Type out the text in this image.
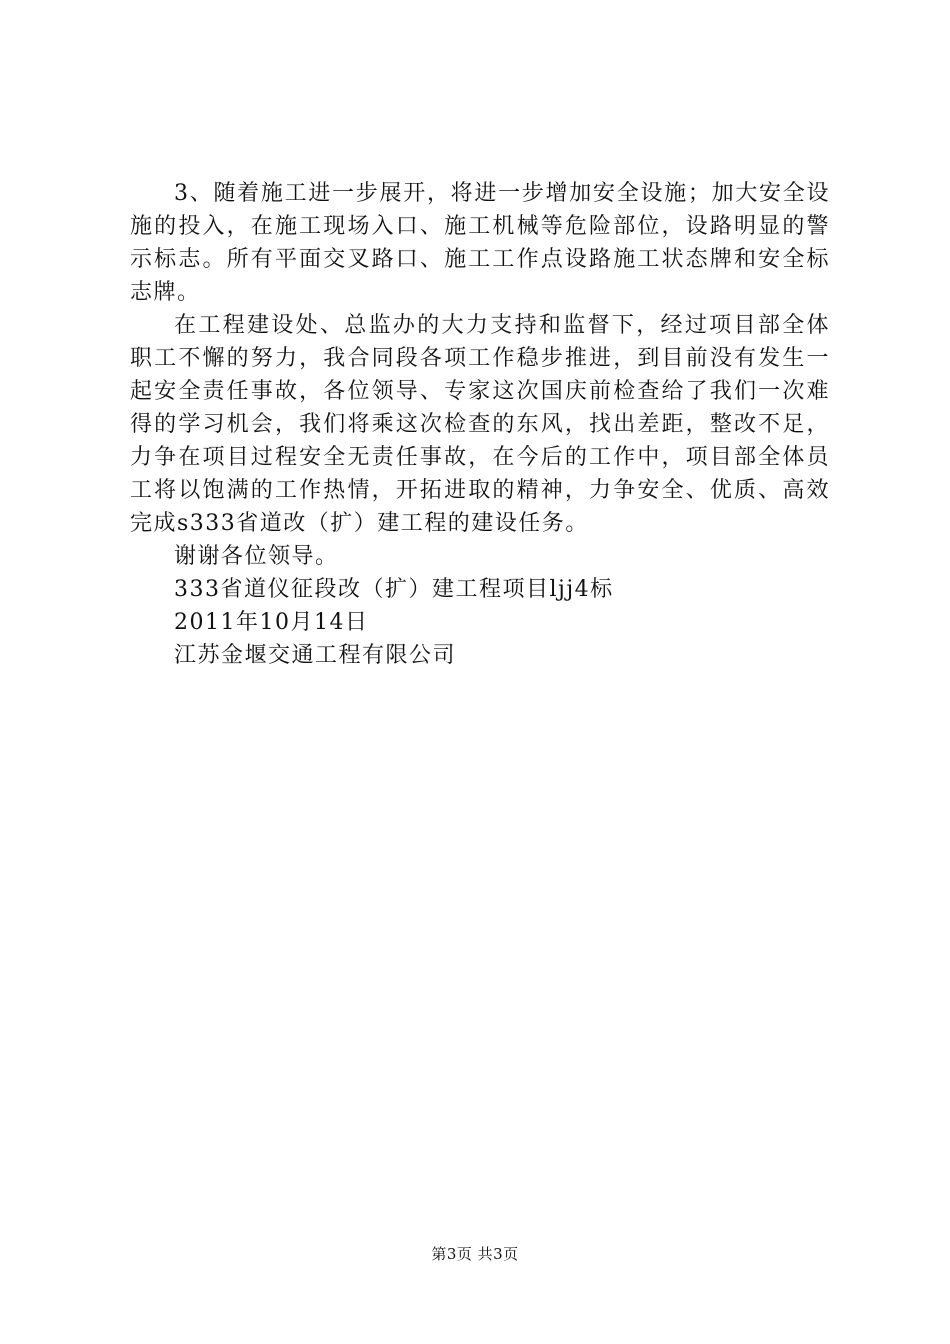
3、随着施工进一步展开，将进一步增加安全设施；加大安全设施的投入，在施工现场入口、施工机械等危险部位，设路明显的警示标志。所有平面交叉路口、施工工作点设路施工状态牌和安全标志牌。

在工程建设处、总监办的大力支持和监督下，经过项目部全体职工不懈的努力，我合同段各项工作稳步推进，到目前没有发生一起安全责任事故，各位领导、专家这次国庆前检查给了我们一次难得的学习机会，我们将乘这次检查的东风，找出差距，整改不足，力争在项目过程安全无责任事故，在今后的工作中，项目部全体员工将以饱满的工作热情，开拓进取的精神，力争安全、优质、高效完成s333省道改（扩）建工程的建设任务。

谢谢各位领导。

333省道仪征段改（扩）建工程项目ljj4标

2011年10月14日

江苏金堰交通工程有限公司

第3页 共3页
